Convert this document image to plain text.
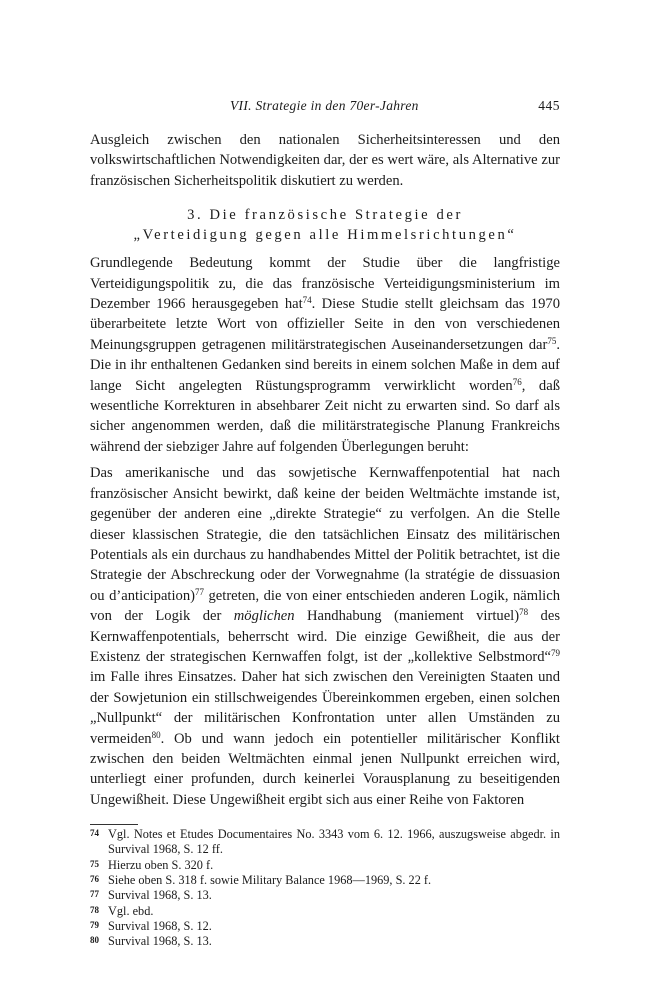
VII. Strategie in den 70er-Jahren	445

Ausgleich zwischen den nationalen Sicherheitsinteressen und den volkswirtschaftlichen Notwendigkeiten dar, der es wert wäre, als Alternative zur französischen Sicherheitspolitik diskutiert zu werden.

3. Die französische Strategie der
„Verteidigung gegen alle Himmelsrichtungen“

Grundlegende Bedeutung kommt der Studie über die langfristige Verteidigungspolitik zu, die das französische Verteidigungsministerium im Dezember 1966 herausgegeben hat$^{74}$. Diese Studie stellt gleichsam das 1970 überarbeitete letzte Wort von offizieller Seite in den von verschiedenen Meinungsgruppen getragenen militärstrategischen Auseinandersetzungen dar$^{75}$. Die in ihr enthaltenen Gedanken sind bereits in einem solchen Maße in dem auf lange Sicht angelegten Rüstungsprogramm verwirklicht worden$^{76}$, daß wesentliche Korrekturen in absehbarer Zeit nicht zu erwarten sind. So darf als sicher angenommen werden, daß die militärstrategische Planung Frankreichs während der siebziger Jahre auf folgenden Überlegungen beruht:

Das amerikanische und das sowjetische Kernwaffenpotential hat nach französischer Ansicht bewirkt, daß keine der beiden Weltmächte imstande ist, gegenüber der anderen eine „direkte Strategie“ zu verfolgen. An die Stelle dieser klassischen Strategie, die den tatsächlichen Einsatz des militärischen Potentials als ein durchaus zu handhabendes Mittel der Politik betrachtet, ist die Strategie der Abschreckung oder der Vorwegnahme (la stratégie de dissuasion ou d’anticipation)$^{77}$ getreten, die von einer entschieden anderen Logik, nämlich von der Logik der möglichen Handhabung (maniement virtuel)$^{78}$ des Kernwaffenpotentials, beherrscht wird. Die einzige Gewißheit, die aus der Existenz der strategischen Kernwaffen folgt, ist der „kollektive Selbstmord“$^{79}$ im Falle ihres Einsatzes. Daher hat sich zwischen den Vereinigten Staaten und der Sowjetunion ein stillschweigendes Übereinkommen ergeben, einen solchen „Nullpunkt“ der militärischen Konfrontation unter allen Umständen zu vermeiden$^{80}$. Ob und wann jedoch ein potentieller militärischer Konflikt zwischen den beiden Weltmächten einmal jenen Nullpunkt erreichen wird, unterliegt einer profunden, durch keinerlei Vorausplanung zu beseitigenden Ungewißheit. Diese Ungewißheit ergibt sich aus einer Reihe von Faktoren

74 Vgl. Notes et Etudes Documentaires No. 3343 vom 6. 12. 1966, auszugsweise abgedr. in Survival 1968, S. 12 ff.
75 Hierzu oben S. 320 f.
76 Siehe oben S. 318 f. sowie Military Balance 1968—1969, S. 22 f.
77 Survival 1968, S. 13.
78 Vgl. ebd.
79 Survival 1968, S. 12.
80 Survival 1968, S. 13.
